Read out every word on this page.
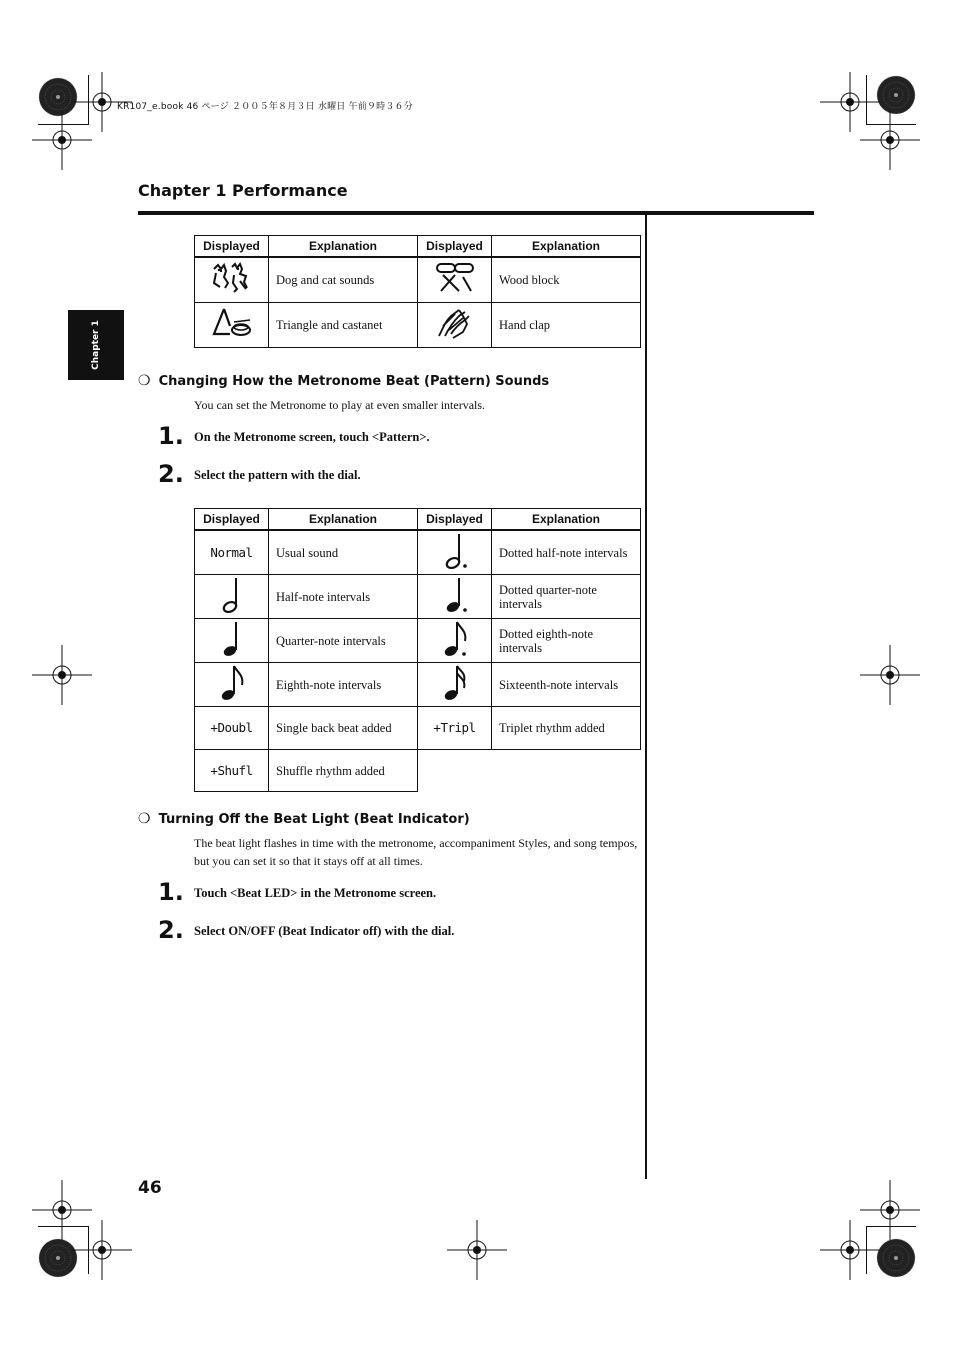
KR107_e.book 46 ページ ２００５年８月３日 水曜日 午前９時３６分
Chapter 1 Performance
Chapter 1
Displayed	Explanation	Displayed	Explanation
	Dog and cat sounds		Wood block
	Triangle and castanet		Hand clap
❍ Changing How the Metronome Beat (Pattern) Sounds
You can set the Metronome to play at even smaller intervals.
1. On the Metronome screen, touch <Pattern>.
2. Select the pattern with the dial.
Displayed	Explanation	Displayed	Explanation
Normal	Usual sound		Dotted half-note intervals
	Half-note intervals		Dotted quarter-note intervals
	Quarter-note intervals		Dotted eighth-note intervals
	Eighth-note intervals		Sixteenth-note intervals
+Doubl	Single back beat added	+Tripl	Triplet rhythm added
+Shufl	Shuffle rhythm added		
❍ Turning Off the Beat Light (Beat Indicator)
The beat light flashes in time with the metronome, accompaniment Styles, and song tempos, but you can set it so that it stays off at all times.
1. Touch <Beat LED> in the Metronome screen.
2. Select ON/OFF (Beat Indicator off) with the dial.
46
